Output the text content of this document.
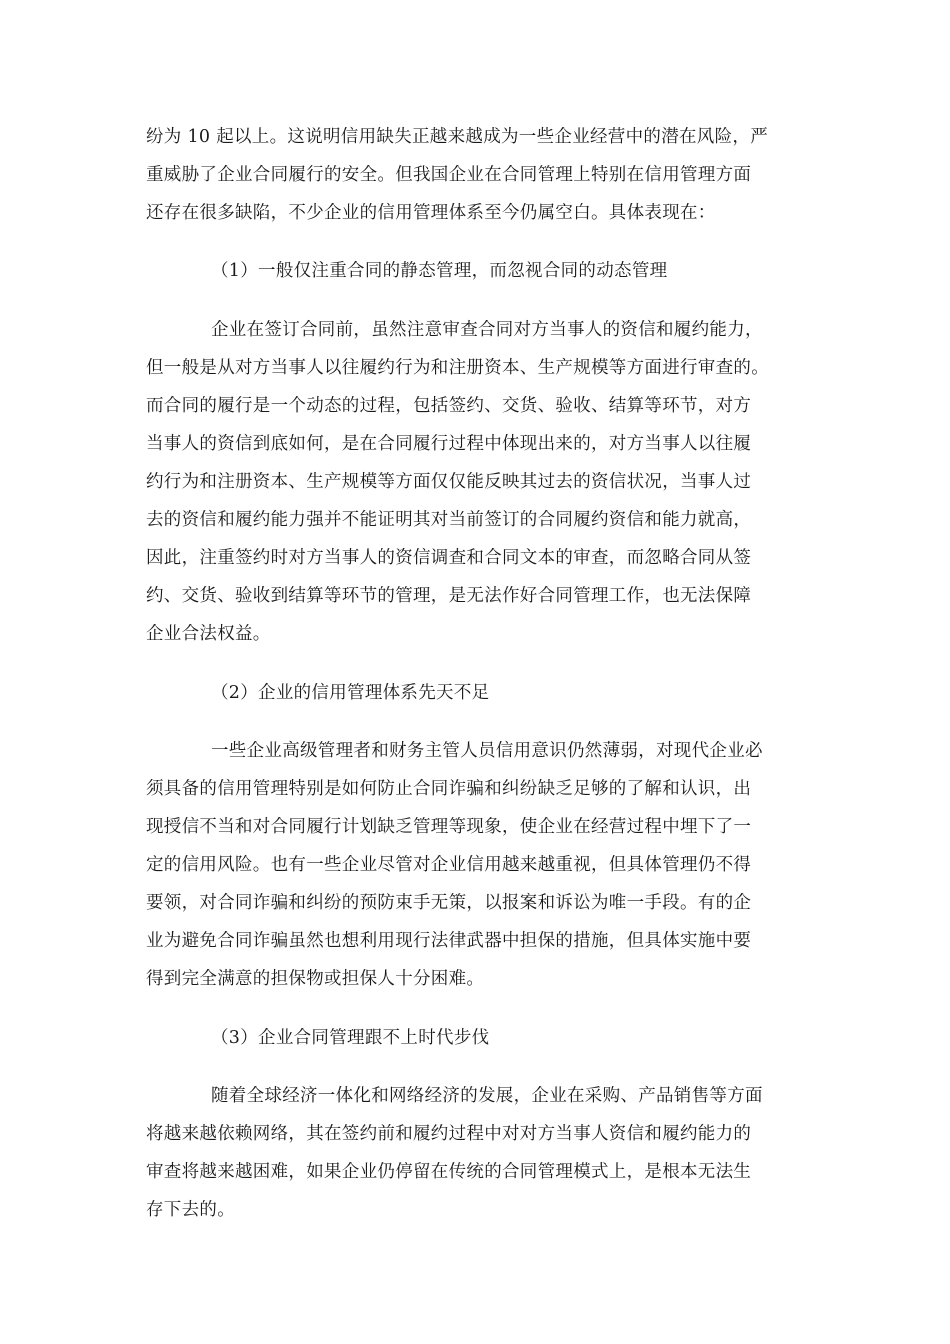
纷为 10 起以上。这说明信用缺失正越来越成为一些企业经营中的潜在风险，严
重威胁了企业合同履行的安全。但我国企业在合同管理上特别在信用管理方面
还存在很多缺陷，不少企业的信用管理体系至今仍属空白。具体表现在：
（1）一般仅注重合同的静态管理，而忽视合同的动态管理
企业在签订合同前，虽然注意审查合同对方当事人的资信和履约能力，
但一般是从对方当事人以往履约行为和注册资本、生产规模等方面进行审查的。
而合同的履行是一个动态的过程，包括签约、交货、验收、结算等环节，对方
当事人的资信到底如何，是在合同履行过程中体现出来的，对方当事人以往履
约行为和注册资本、生产规模等方面仅仅能反映其过去的资信状况，当事人过
去的资信和履约能力强并不能证明其对当前签订的合同履约资信和能力就高，
因此，注重签约时对方当事人的资信调查和合同文本的审查，而忽略合同从签
约、交货、验收到结算等环节的管理，是无法作好合同管理工作，也无法保障
企业合法权益。
（2）企业的信用管理体系先天不足
一些企业高级管理者和财务主管人员信用意识仍然薄弱，对现代企业必
须具备的信用管理特别是如何防止合同诈骗和纠纷缺乏足够的了解和认识，出
现授信不当和对合同履行计划缺乏管理等现象，使企业在经营过程中埋下了一
定的信用风险。也有一些企业尽管对企业信用越来越重视，但具体管理仍不得
要领，对合同诈骗和纠纷的预防束手无策，以报案和诉讼为唯一手段。有的企
业为避免合同诈骗虽然也想利用现行法律武器中担保的措施，但具体实施中要
得到完全满意的担保物或担保人十分困难。
（3）企业合同管理跟不上时代步伐
随着全球经济一体化和网络经济的发展，企业在采购、产品销售等方面
将越来越依赖网络，其在签约前和履约过程中对对方当事人资信和履约能力的
审查将越来越困难，如果企业仍停留在传统的合同管理模式上，是根本无法生
存下去的。
